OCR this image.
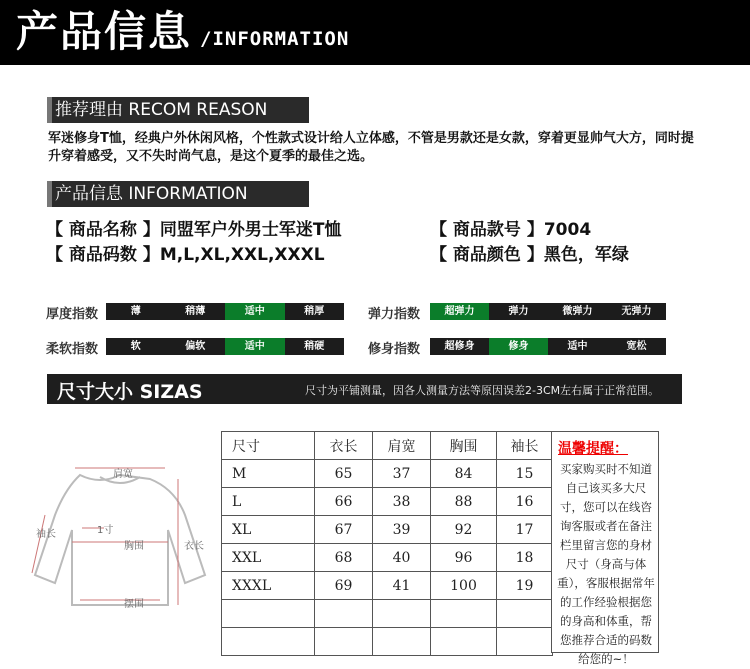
产品信息 /INFORMATION
推荐理由 RECOM REASON
军迷修身T恤，经典户外休闲风格，个性款式设计给人立体感，不管是男款还是女款，穿着更显帅气大方，同时提升穿着感受，又不失时尚气息，是这个夏季的最佳之选。
产品信息 INFORMATION
【 商品名称 】同盟军户外男士军迷T恤	【 商品款号 】7004
【 商品码数 】M,L,XL,XXL,XXXL	【 商品颜色 】黑色，军绿
厚度指数	薄	稍薄	适中	稍厚	弹力指数	超弹力	弹力	微弹力	无弹力
柔软指数	软	偏软	适中	稍硬	修身指数	超修身	修身	适中	宽松
尺寸大小 SIZAS	尺寸为平铺测量，因各人测量方法等原因误差2-3CM左右属于正常范围。
肩宽
袖长	1寸
胸围	衣长
摆围
尺寸	衣长	肩宽	胸围	袖长
M	65	37	84	15
L	66	38	88	16
XL	67	39	92	17
XXL	68	40	96	18
XXXL	69	41	100	19

温馨提醒：
买家购买时不知道自己该买多大尺寸，您可以在线咨询客服或者在备注栏里留言您的身材尺寸（身高与体重），客服根据常年的工作经验根据您的身高和体重，帮您推荐合适的码数给您的~！
